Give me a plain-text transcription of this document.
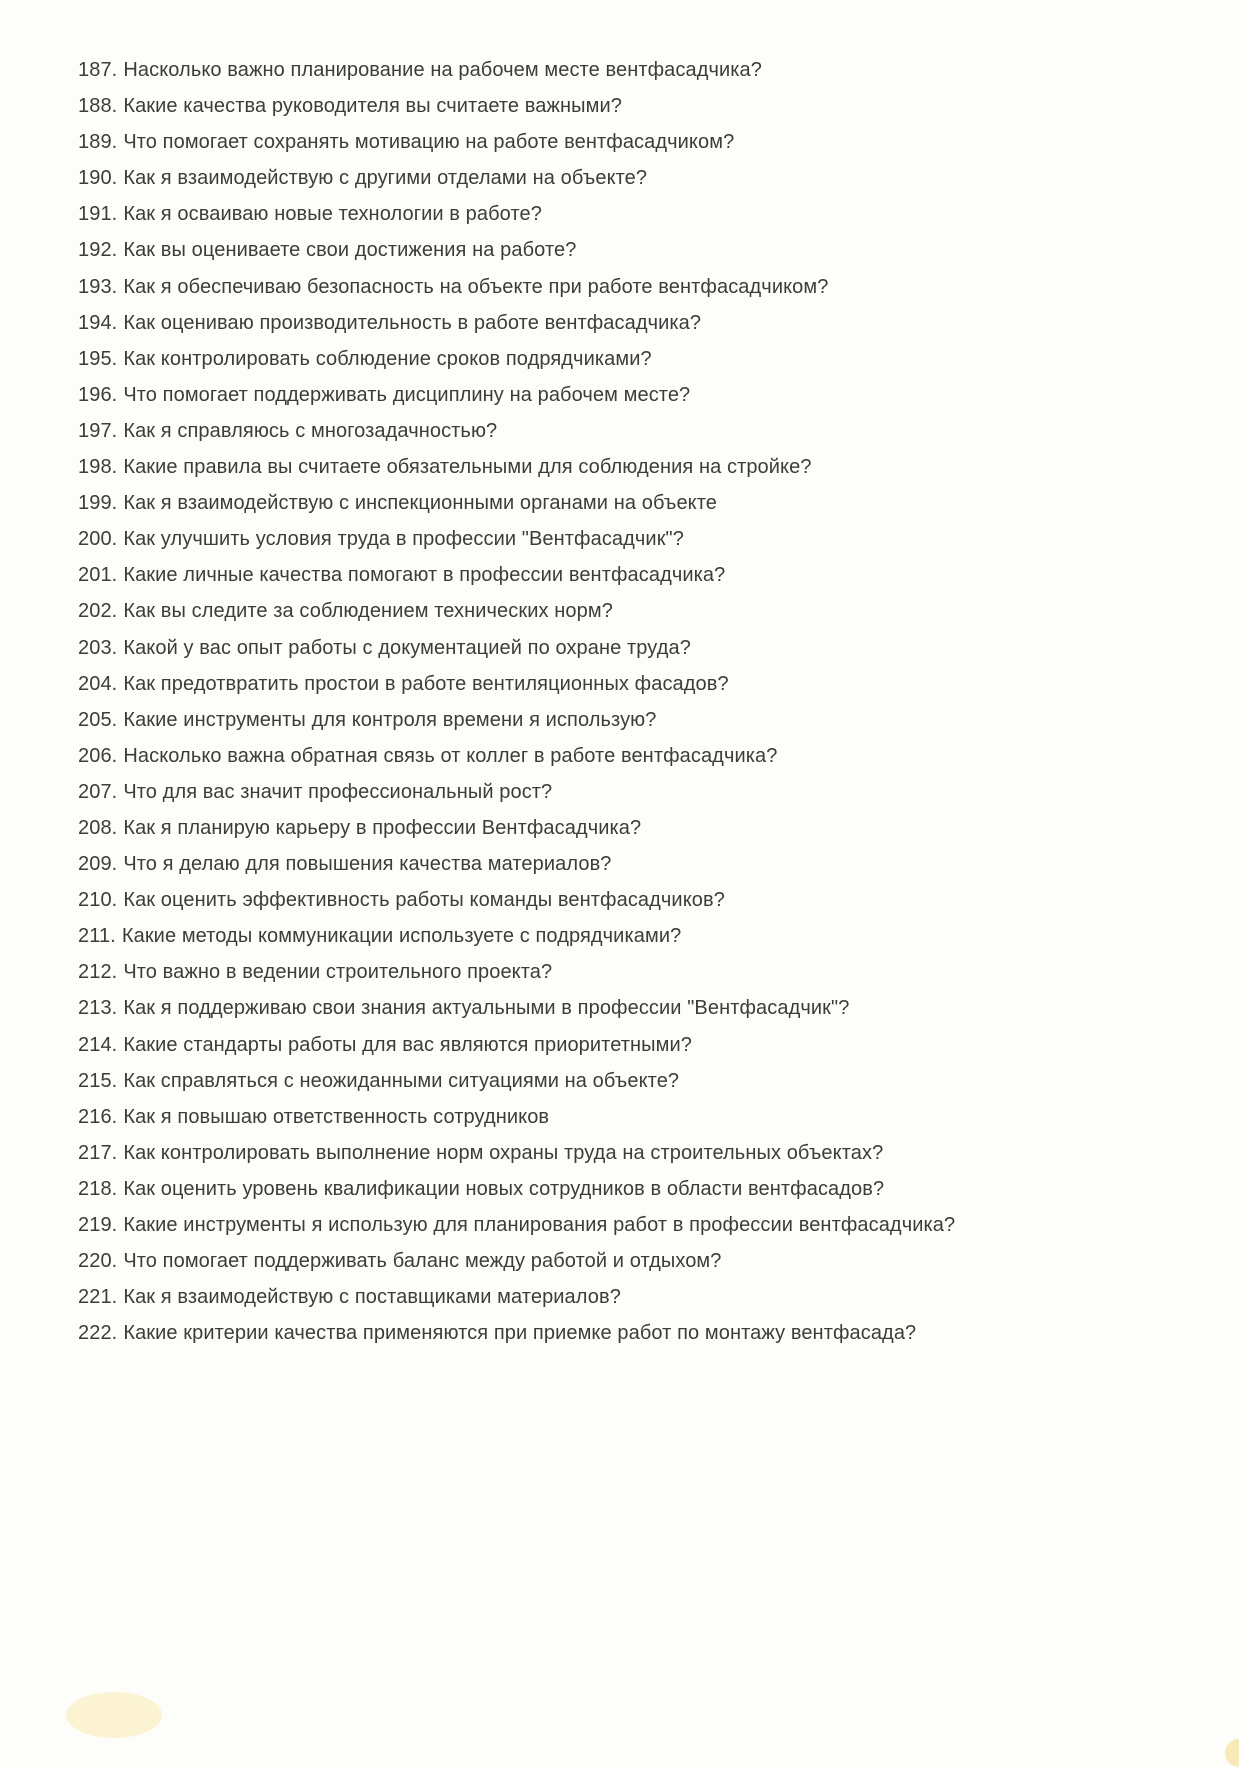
187. Насколько важно планирование на рабочем месте вентфасадчика?
188. Какие качества руководителя вы считаете важными?
189. Что помогает сохранять мотивацию на работе вентфасадчиком?
190. Как я взаимодействую с другими отделами на объекте?
191. Как я осваиваю новые технологии в работе?
192. Как вы оцениваете свои достижения на работе?
193. Как я обеспечиваю безопасность на объекте при работе вентфасадчиком?
194. Как оцениваю производительность в работе вентфасадчика?
195. Как контролировать соблюдение сроков подрядчиками?
196. Что помогает поддерживать дисциплину на рабочем месте?
197. Как я справляюсь с многозадачностью?
198. Какие правила вы считаете обязательными для соблюдения на стройке?
199. Как я взаимодействую с инспекционными органами на объекте
200. Как улучшить условия труда в профессии "Вентфасадчик"?
201. Какие личные качества помогают в профессии вентфасадчика?
202. Как вы следите за соблюдением технических норм?
203. Какой у вас опыт работы с документацией по охране труда?
204. Как предотвратить простои в работе вентиляционных фасадов?
205. Какие инструменты для контроля времени я использую?
206. Насколько важна обратная связь от коллег в работе вентфасадчика?
207. Что для вас значит профессиональный рост?
208. Как я планирую карьеру в профессии Вентфасадчика?
209. Что я делаю для повышения качества материалов?
210. Как оценить эффективность работы команды вентфасадчиков?
211. Какие методы коммуникации используете с подрядчиками?
212. Что важно в ведении строительного проекта?
213. Как я поддерживаю свои знания актуальными в профессии "Вентфасадчик"?
214. Какие стандарты работы для вас являются приоритетными?
215. Как справляться с неожиданными ситуациями на объекте?
216. Как я повышаю ответственность сотрудников
217. Как контролировать выполнение норм охраны труда на строительных объектах?
218. Как оценить уровень квалификации новых сотрудников в области вентфасадов?
219. Какие инструменты я использую для планирования работ в профессии вентфасадчика?
220. Что помогает поддерживать баланс между работой и отдыхом?
221. Как я взаимодействую с поставщиками материалов?
222. Какие критерии качества применяются при приемке работ по монтажу вентфасада?
